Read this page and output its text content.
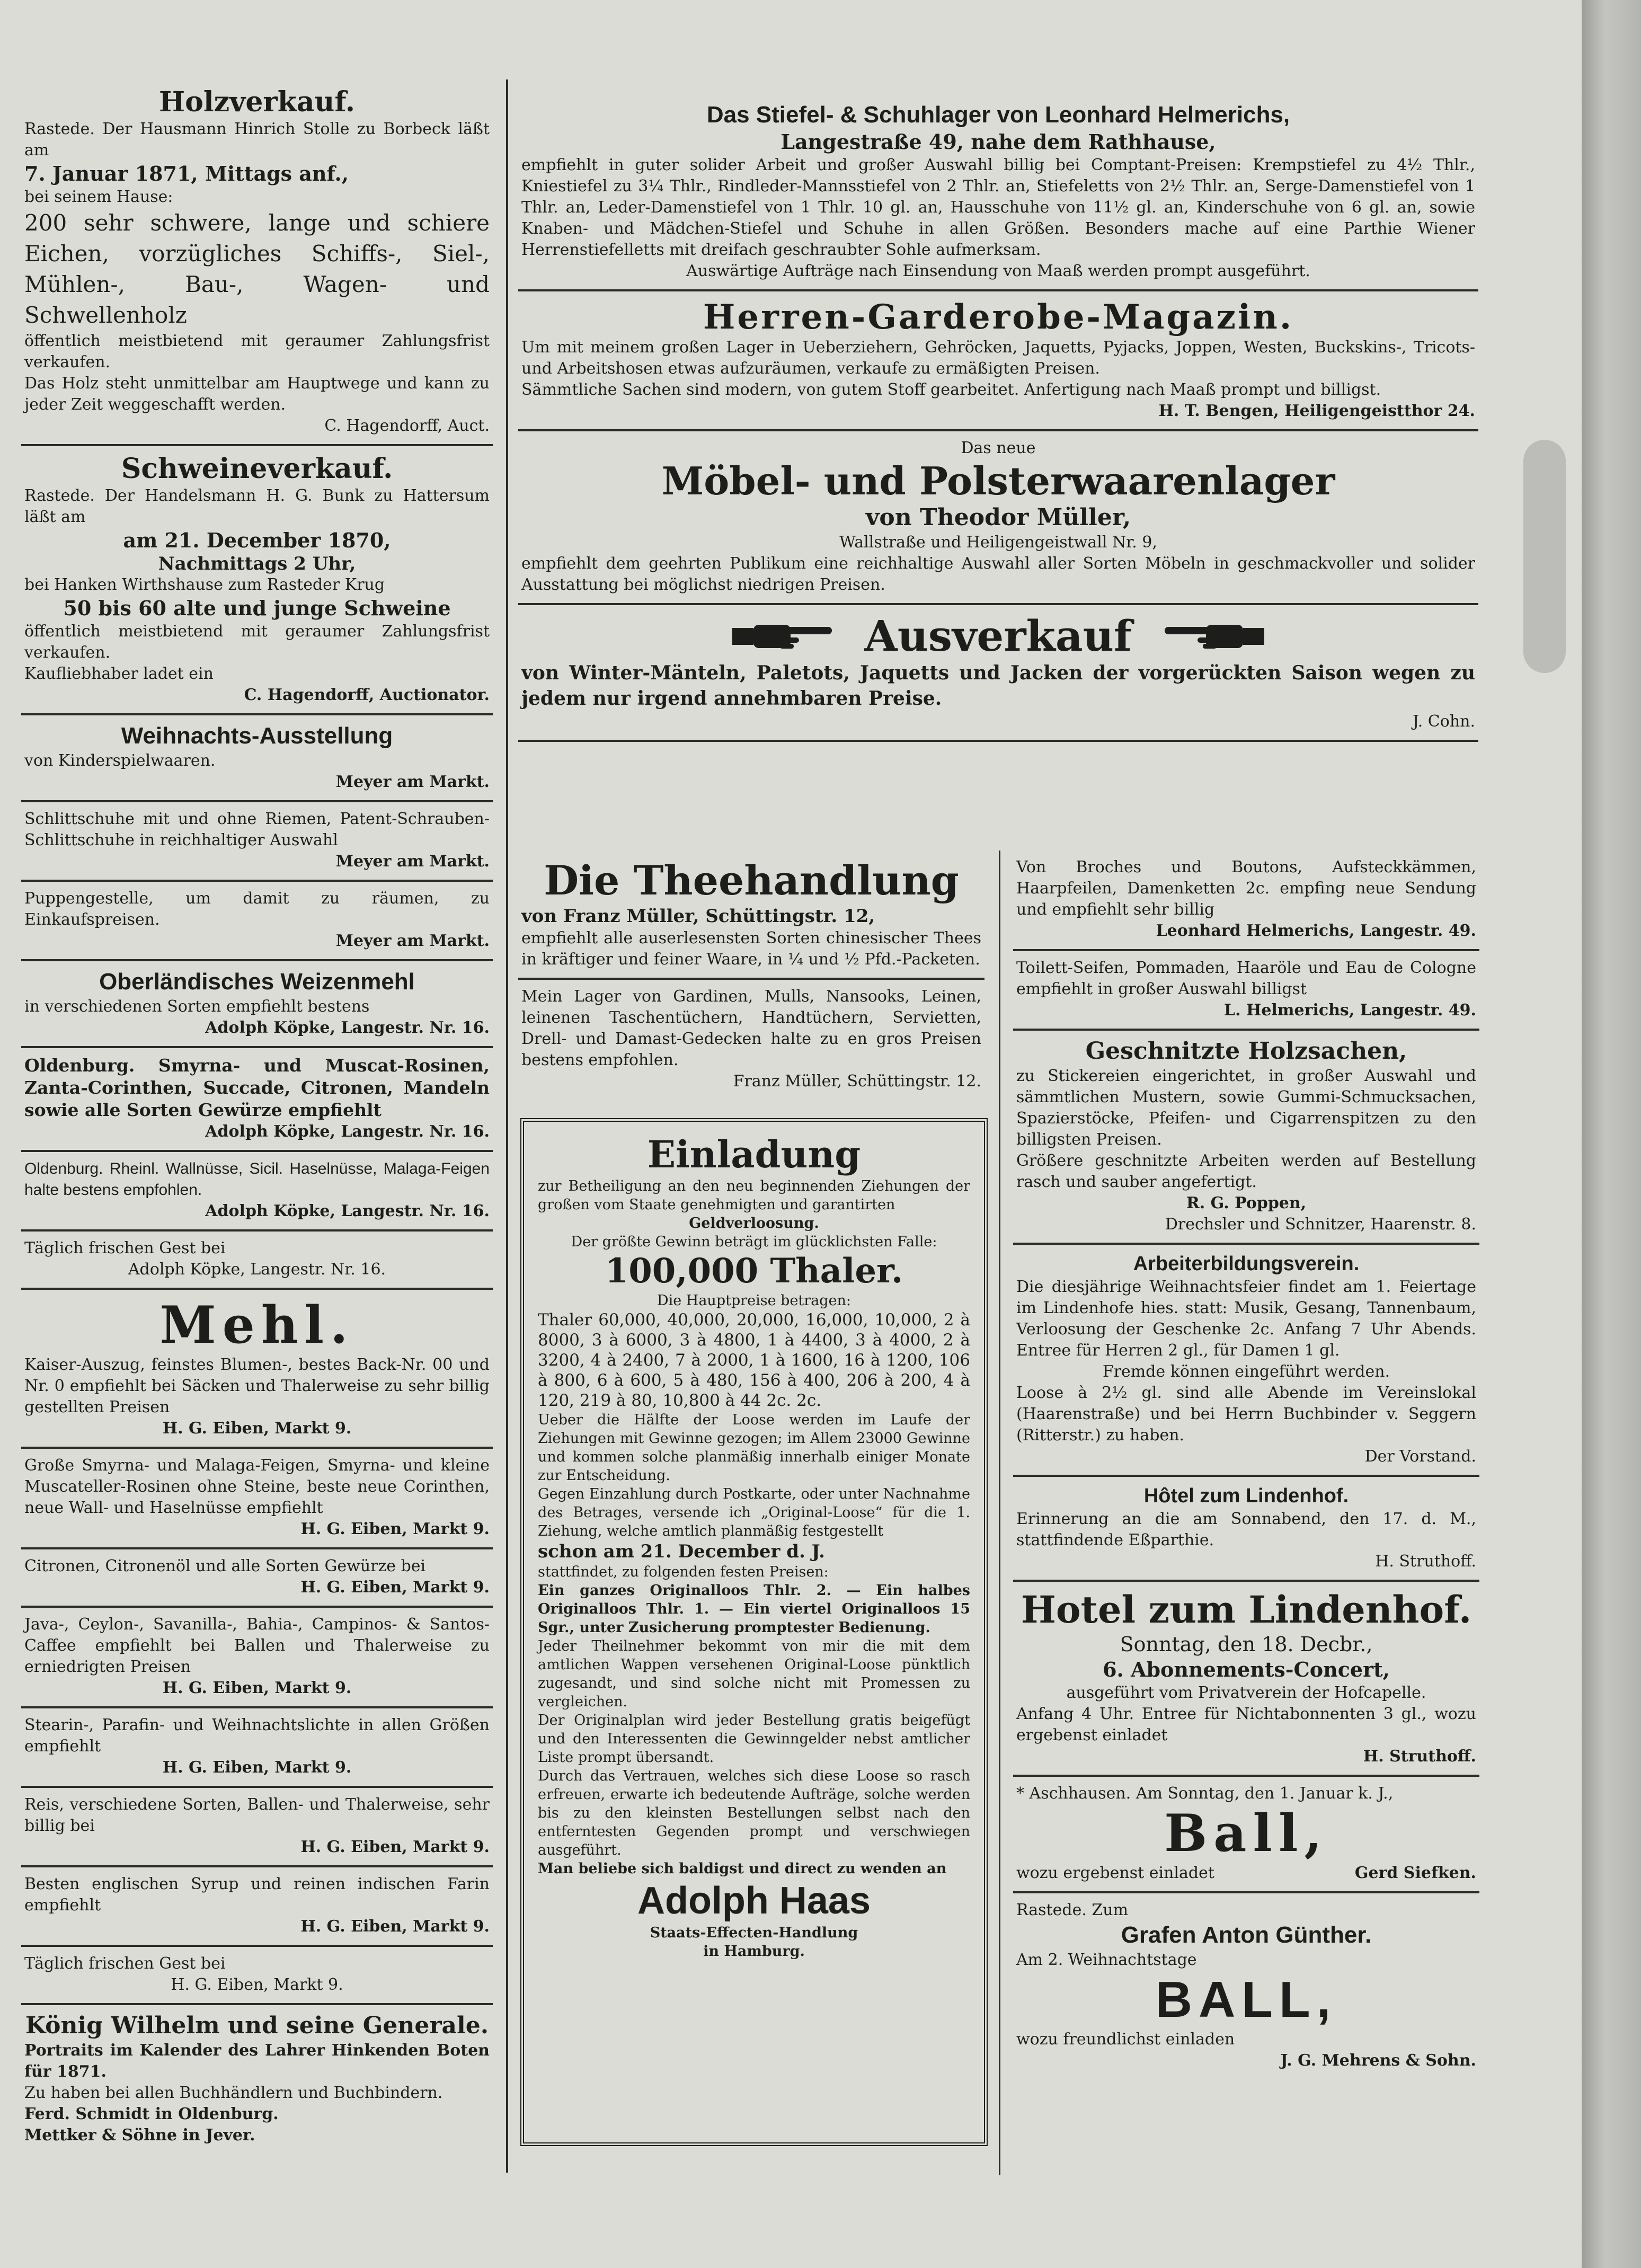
Holzverkauf.

Rastede. Der Hausmann Hinrich Stolle zu Borbeck läßt am

7. Januar 1871, Mittags anf.,

bei seinem Hause:

200 sehr schwere, lange und schiere Eichen, vorzügliches Schiffs-, Siel-, Mühlen-, Bau-, Wagen- und Schwellenholz

öffentlich meistbietend mit geraumer Zahlungsfrist verkaufen.

Das Holz steht unmittelbar am Hauptwege und kann zu jeder Zeit weggeschafft werden.

C. Hagendorff, Auct.

Schweineverkauf.

Rastede. Der Handelsmann H. G. Bunk zu Hattersum läßt am

am 21. December 1870,

Nachmittags 2 Uhr,

bei Hanken Wirthshause zum Rasteder Krug

50 bis 60 alte und junge Schweine

öffentlich meistbietend mit geraumer Zahlungsfrist verkaufen.

Kaufliebhaber ladet ein

C. Hagendorff, Auctionator.

Weihnachts-Ausstellung

von Kinderspielwaaren.

Meyer am Markt.

Schlittschuhe mit und ohne Riemen, Patent-Schrauben-Schlittschuhe in reichhaltiger Auswahl

Meyer am Markt.

Puppengestelle, um damit zu räumen, zu Einkaufspreisen.

Meyer am Markt.

Oberländisches Weizenmehl

in verschiedenen Sorten empfiehlt bestens

Adolph Köpke, Langestr. Nr. 16.

Oldenburg. Smyrna- und Muscat-Rosinen, Zanta-Corinthen, Succade, Citronen, Mandeln sowie alle Sorten Gewürze empfiehlt

Adolph Köpke, Langestr. Nr. 16.

Oldenburg. Rheinl. Wallnüsse, Sicil. Haselnüsse, Malaga-Feigen halte bestens empfohlen.

Adolph Köpke, Langestr. Nr. 16.

Täglich frischen Gest bei

Adolph Köpke, Langestr. Nr. 16.

Mehl.

Kaiser-Auszug, feinstes Blumen-, bestes Back-Nr. 00 und Nr. 0 empfiehlt bei Säcken und Thalerweise zu sehr billig gestellten Preisen

H. G. Eiben, Markt 9.

Große Smyrna- und Malaga-Feigen, Smyrna- und kleine Muscateller-Rosinen ohne Steine, beste neue Corinthen, neue Wall- und Haselnüsse empfiehlt

H. G. Eiben, Markt 9.

Citronen, Citronenöl und alle Sorten Gewürze bei

H. G. Eiben, Markt 9.

Java-, Ceylon-, Savanilla-, Bahia-, Campinos- & Santos-Caffee empfiehlt bei Ballen und Thalerweise zu erniedrigten Preisen

H. G. Eiben, Markt 9.

Stearin-, Parafin- und Weihnachtslichte in allen Größen empfiehlt

H. G. Eiben, Markt 9.

Reis, verschiedene Sorten, Ballen- und Thalerweise, sehr billig bei

H. G. Eiben, Markt 9.

Besten englischen Syrup und reinen indischen Farin empfiehlt

H. G. Eiben, Markt 9.

Täglich frischen Gest bei

H. G. Eiben, Markt 9.

König Wilhelm und seine Generale.

Portraits im Kalender des Lahrer Hinkenden Boten für 1871.

Zu haben bei allen Buchhändlern und Buchbindern.

Ferd. Schmidt in Oldenburg.

Mettker & Söhne in Jever.

Das Stiefel- & Schuhlager von Leonhard Helmerichs,

Langestraße 49, nahe dem Rathhause,

empfiehlt in guter solider Arbeit und großer Auswahl billig bei Comptant-Preisen: Krempstiefel zu 4½ Thlr., Kniestiefel zu 3¼ Thlr., Rindleder-Mannsstiefel von 2 Thlr. an, Stiefeletts von 2½ Thlr. an, Serge-Damenstiefel von 1 Thlr. an, Leder-Damenstiefel von 1 Thlr. 10 gl. an, Hausschuhe von 11½ gl. an, Kinderschuhe von 6 gl. an, sowie Knaben- und Mädchen-Stiefel und Schuhe in allen Größen. Besonders mache auf eine Parthie Wiener Herrenstiefelletts mit dreifach geschraubter Sohle aufmerksam.

Auswärtige Aufträge nach Einsendung von Maaß werden prompt ausgeführt.

Herren-Garderobe-Magazin.

Um mit meinem großen Lager in Ueberziehern, Gehröcken, Jaquetts, Pyjacks, Joppen, Westen, Buckskins-, Tricots- und Arbeitshosen etwas aufzuräumen, verkaufe zu ermäßigten Preisen.

Sämmtliche Sachen sind modern, von gutem Stoff gearbeitet. Anfertigung nach Maaß prompt und billigst.

H. T. Bengen, Heiligengeistthor 24.

Das neue

Möbel- und Polsterwaarenlager

von Theodor Müller,

Wallstraße und Heiligengeistwall Nr. 9,

empfiehlt dem geehrten Publikum eine reichhaltige Auswahl aller Sorten Möbeln in geschmackvoller und solider Ausstattung bei möglichst niedrigen Preisen.

Ausverkauf

von Winter-Mänteln, Paletots, Jaquetts und Jacken der vorgerückten Saison wegen zu jedem nur irgend annehmbaren Preise.

J. Cohn.

Die Theehandlung

von Franz Müller, Schüttingstr. 12,

empfiehlt alle auserlesensten Sorten chinesischer Thees in kräftiger und feiner Waare, in ¼ und ½ Pfd.-Packeten.

Mein Lager von Gardinen, Mulls, Nansooks, Leinen, leinenen Taschentüchern, Handtüchern, Servietten, Drell- und Damast-Gedecken halte zu en gros Preisen bestens empfohlen.

Franz Müller, Schüttingstr. 12.

Einladung

zur Betheiligung an den neu beginnenden Ziehungen der großen vom Staate genehmigten und garantirten

Geldverloosung.

Der größte Gewinn beträgt im glücklichsten Falle:

100,000 Thaler.

Die Hauptpreise betragen:

Thaler 60,000, 40,000, 20,000, 16,000, 10,000, 2 à 8000, 3 à 6000, 3 à 4800, 1 à 4400, 3 à 4000, 2 à 3200, 4 à 2400, 7 à 2000, 1 à 1600, 16 à 1200, 106 à 800, 6 à 600, 5 à 480, 156 à 400, 206 à 200, 4 à 120, 219 à 80, 10,800 à 44 2c. 2c.

Ueber die Hälfte der Loose werden im Laufe der Ziehungen mit Gewinne gezogen; im Allem 23000 Gewinne und kommen solche planmäßig innerhalb einiger Monate zur Entscheidung.

Gegen Einzahlung durch Postkarte, oder unter Nachnahme des Betrages, versende ich „Original-Loose“ für die 1. Ziehung, welche amtlich planmäßig festgestellt

schon am 21. December d. J.

stattfindet, zu folgenden festen Preisen:

Ein ganzes Originalloos Thlr. 2. — Ein halbes Originalloos Thlr. 1. — Ein viertel Originalloos 15 Sgr., unter Zusicherung promptester Bedienung.

Jeder Theilnehmer bekommt von mir die mit dem amtlichen Wappen versehenen Original-Loose pünktlich zugesandt, und sind solche nicht mit Promessen zu vergleichen.

Der Originalplan wird jeder Bestellung gratis beigefügt und den Interessenten die Gewinngelder nebst amtlicher Liste prompt übersandt.

Durch das Vertrauen, welches sich diese Loose so rasch erfreuen, erwarte ich bedeutende Aufträge, solche werden bis zu den kleinsten Bestellungen selbst nach den entferntesten Gegenden prompt und verschwiegen ausgeführt.

Man beliebe sich baldigst und direct zu wenden an

Adolph Haas

Staats-Effecten-Handlung

in Hamburg.

Von Broches und Boutons, Aufsteckkämmen, Haarpfeilen, Damenketten 2c. empfing neue Sendung und empfiehlt sehr billig

Leonhard Helmerichs, Langestr. 49.

Toilett-Seifen, Pommaden, Haaröle und Eau de Cologne empfiehlt in großer Auswahl billigst

L. Helmerichs, Langestr. 49.

Geschnitzte Holzsachen,

zu Stickereien eingerichtet, in großer Auswahl und sämmtlichen Mustern, sowie Gummi-Schmucksachen, Spazierstöcke, Pfeifen- und Cigarrenspitzen zu den billigsten Preisen.

Größere geschnitzte Arbeiten werden auf Bestellung rasch und sauber angefertigt.

R. G. Poppen,

Drechsler und Schnitzer, Haarenstr. 8.

Arbeiterbildungsverein.

Die diesjährige Weihnachtsfeier findet am 1. Feiertage im Lindenhofe hies. statt: Musik, Gesang, Tannenbaum, Verloosung der Geschenke 2c. Anfang 7 Uhr Abends. Entree für Herren 2 gl., für Damen 1 gl.

Fremde können eingeführt werden.

Loose à 2½ gl. sind alle Abende im Vereinslokal (Haarenstraße) und bei Herrn Buchbinder v. Seggern (Ritterstr.) zu haben.

Der Vorstand.

Hôtel zum Lindenhof.

Erinnerung an die am Sonnabend, den 17. d. M., stattfindende Eßparthie.

H. Struthoff.

Hotel zum Lindenhof.

Sonntag, den 18. Decbr.,

6. Abonnements-Concert,

ausgeführt vom Privatverein der Hofcapelle.

Anfang 4 Uhr. Entree für Nichtabonnenten 3 gl., wozu ergebenst einladet

H. Struthoff.

* Aschhausen. Am Sonntag, den 1. Januar k. J.,

Ball,

wozu ergebenst einladet	Gerd Siefken.

Rastede. Zum

Grafen Anton Günther.

Am 2. Weihnachtstage

BALL,

wozu freundlichst einladen

J. G. Mehrens & Sohn.
